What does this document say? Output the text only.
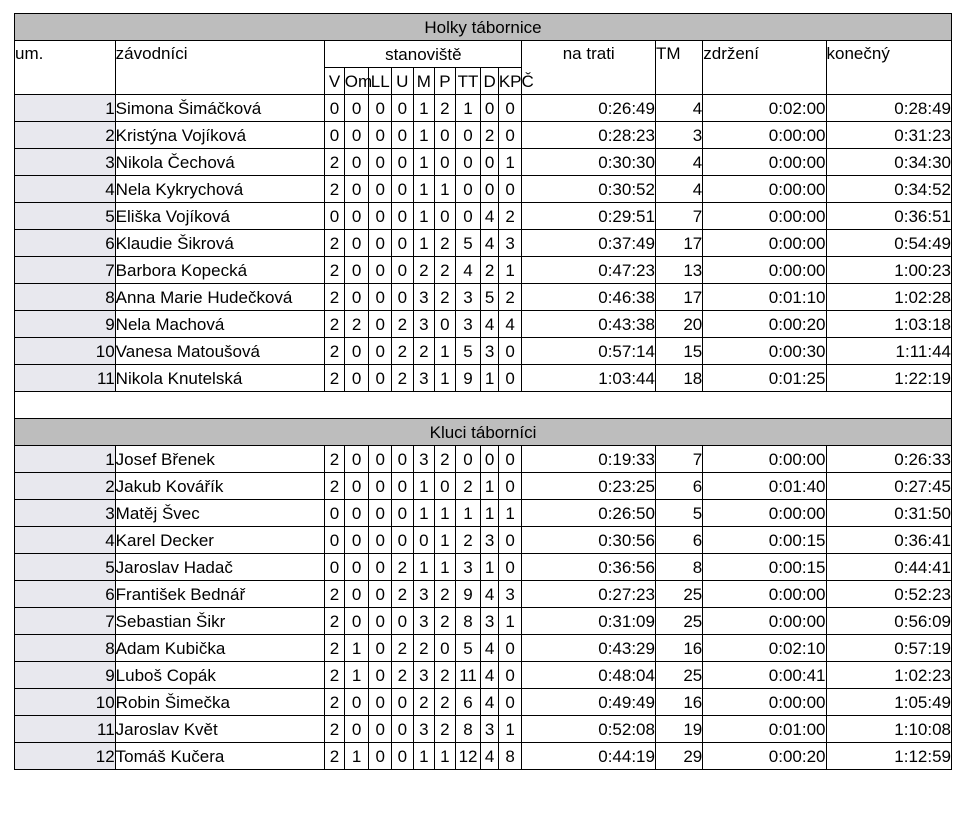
Holky tábornice														
um.	závodníci	stanoviště									na trati	TM	zdržení	konečný
		V	Om	LL	U	M	P	TT	D	KPČ				
1	Simona Šimáčková	0	0	0	0	1	2	1	0	0	0:26:49	4	0:02:00	0:28:49
2	Kristýna Vojíková	0	0	0	0	1	0	0	2	0	0:28:23	3	0:00:00	0:31:23
3	Nikola Čechová	2	0	0	0	1	0	0	0	1	0:30:30	4	0:00:00	0:34:30
4	Nela Kykrychová	2	0	0	0	1	1	0	0	0	0:30:52	4	0:00:00	0:34:52
5	Eliška Vojíková	0	0	0	0	1	0	0	4	2	0:29:51	7	0:00:00	0:36:51
6	Klaudie Šikrová	2	0	0	0	1	2	5	4	3	0:37:49	17	0:00:00	0:54:49
7	Barbora Kopecká	2	0	0	0	2	2	4	2	1	0:47:23	13	0:00:00	1:00:23
8	Anna Marie Hudečková	2	0	0	0	3	2	3	5	2	0:46:38	17	0:01:10	1:02:28
9	Nela Machová	2	2	0	2	3	0	3	4	4	0:43:38	20	0:00:20	1:03:18
10	Vanesa Matoušová	2	0	0	2	2	1	5	3	0	0:57:14	15	0:00:30	1:11:44
11	Nikola Knutelská	2	0	0	2	3	1	9	1	0	1:03:44	18	0:01:25	1:22:19

Kluci táborníci														
1	Josef Břenek	2	0	0	0	3	2	0	0	0	0:19:33	7	0:00:00	0:26:33
2	Jakub Kovářík	2	0	0	0	1	0	2	1	0	0:23:25	6	0:01:40	0:27:45
3	Matěj Švec	0	0	0	0	1	1	1	1	1	0:26:50	5	0:00:00	0:31:50
4	Karel Decker	0	0	0	0	0	1	2	3	0	0:30:56	6	0:00:15	0:36:41
5	Jaroslav Hadač	0	0	0	2	1	1	3	1	0	0:36:56	8	0:00:15	0:44:41
6	František Bednář	2	0	0	2	3	2	9	4	3	0:27:23	25	0:00:00	0:52:23
7	Sebastian Šikr	2	0	0	0	3	2	8	3	1	0:31:09	25	0:00:00	0:56:09
8	Adam Kubička	2	1	0	2	2	0	5	4	0	0:43:29	16	0:02:10	0:57:19
9	Luboš Copák	2	1	0	2	3	2	11	4	0	0:48:04	25	0:00:41	1:02:23
10	Robin Šimečka	2	0	0	0	2	2	6	4	0	0:49:49	16	0:00:00	1:05:49
11	Jaroslav Květ	2	0	0	0	3	2	8	3	1	0:52:08	19	0:01:00	1:10:08
12	Tomáš Kučera	2	1	0	0	1	1	12	4	8	0:44:19	29	0:00:20	1:12:59
